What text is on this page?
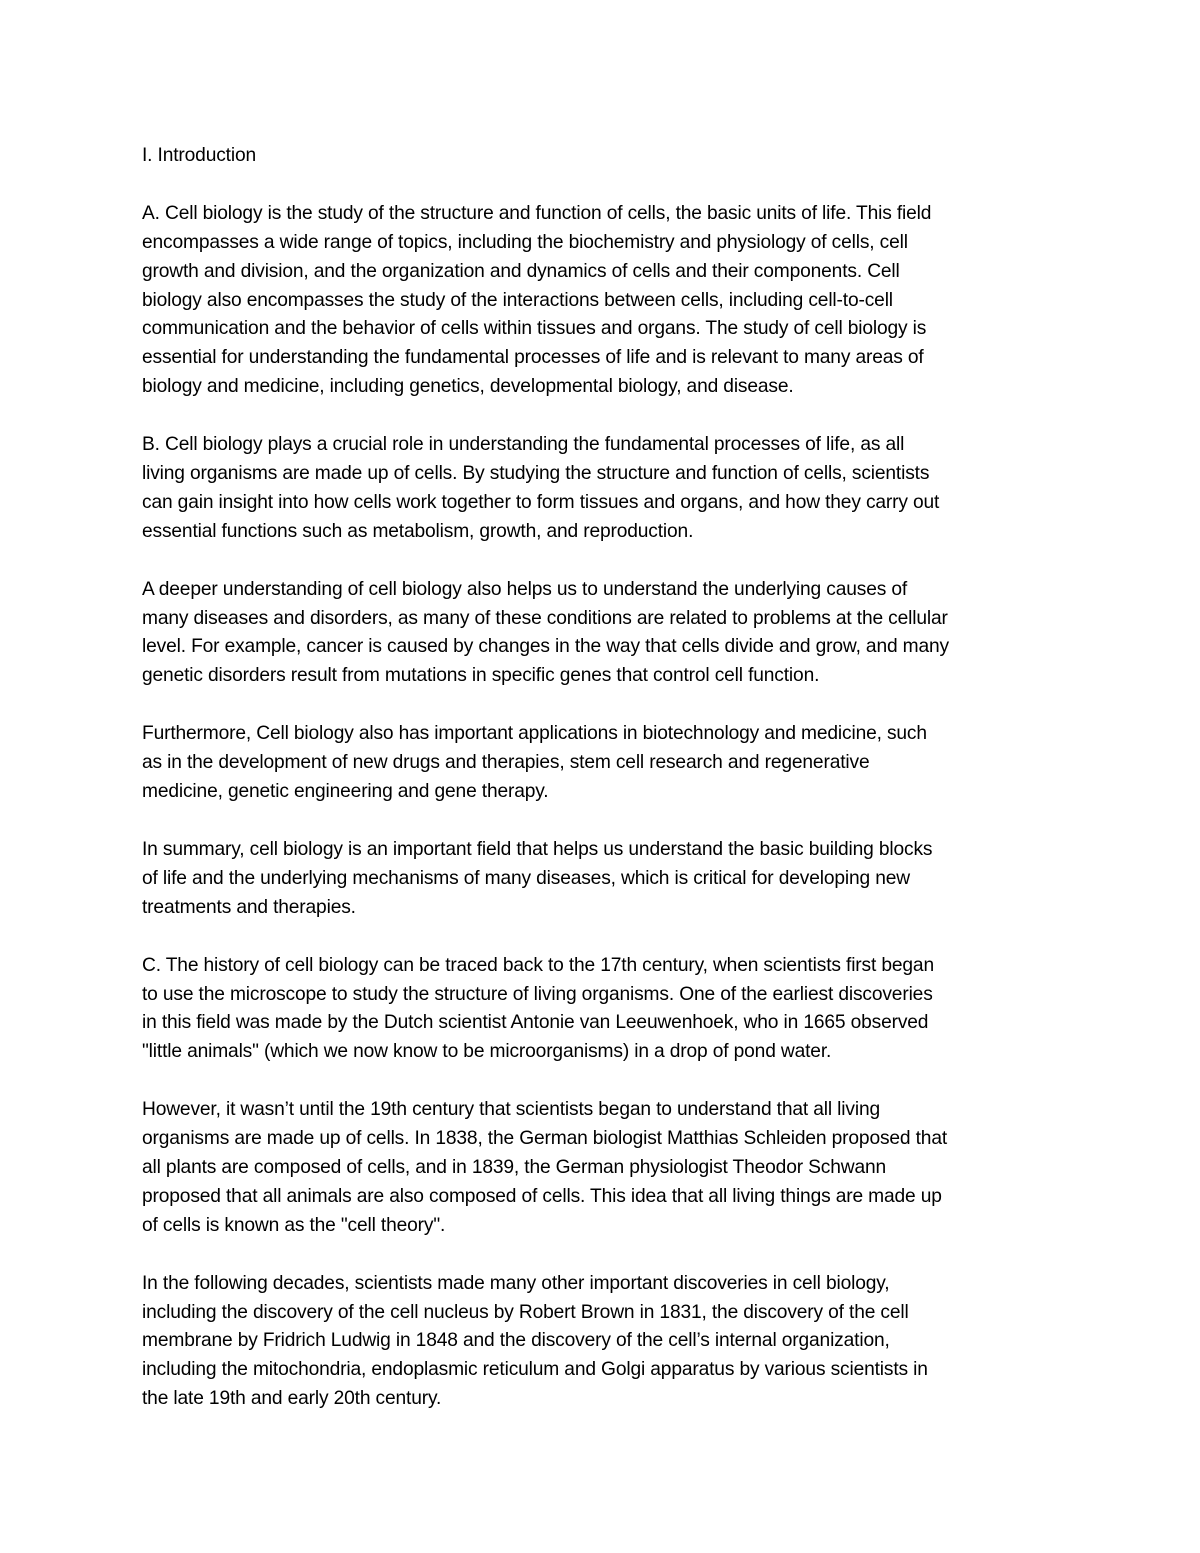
I. Introduction

A. Cell biology is the study of the structure and function of cells, the basic units of life. This field
encompasses a wide range of topics, including the biochemistry and physiology of cells, cell
growth and division, and the organization and dynamics of cells and their components. Cell
biology also encompasses the study of the interactions between cells, including cell-to-cell
communication and the behavior of cells within tissues and organs. The study of cell biology is
essential for understanding the fundamental processes of life and is relevant to many areas of
biology and medicine, including genetics, developmental biology, and disease.
B. Cell biology plays a crucial role in understanding the fundamental processes of life, as all
living organisms are made up of cells. By studying the structure and function of cells, scientists
can gain insight into how cells work together to form tissues and organs, and how they carry out
essential functions such as metabolism, growth, and reproduction.
A deeper understanding of cell biology also helps us to understand the underlying causes of
many diseases and disorders, as many of these conditions are related to problems at the cellular
level. For example, cancer is caused by changes in the way that cells divide and grow, and many
genetic disorders result from mutations in specific genes that control cell function.
Furthermore, Cell biology also has important applications in biotechnology and medicine, such
as in the development of new drugs and therapies, stem cell research and regenerative
medicine, genetic engineering and gene therapy.
In summary, cell biology is an important field that helps us understand the basic building blocks
of life and the underlying mechanisms of many diseases, which is critical for developing new
treatments and therapies.
C. The history of cell biology can be traced back to the 17th century, when scientists first began
to use the microscope to study the structure of living organisms. One of the earliest discoveries
in this field was made by the Dutch scientist Antonie van Leeuwenhoek, who in 1665 observed
"little animals" (which we now know to be microorganisms) in a drop of pond water.
However, it wasn’t until the 19th century that scientists began to understand that all living
organisms are made up of cells. In 1838, the German biologist Matthias Schleiden proposed that
all plants are composed of cells, and in 1839, the German physiologist Theodor Schwann
proposed that all animals are also composed of cells. This idea that all living things are made up
of cells is known as the "cell theory".
In the following decades, scientists made many other important discoveries in cell biology,
including the discovery of the cell nucleus by Robert Brown in 1831, the discovery of the cell
membrane by Fridrich Ludwig in 1848 and the discovery of the cell’s internal organization,
including the mitochondria, endoplasmic reticulum and Golgi apparatus by various scientists in
the late 19th and early 20th century.
